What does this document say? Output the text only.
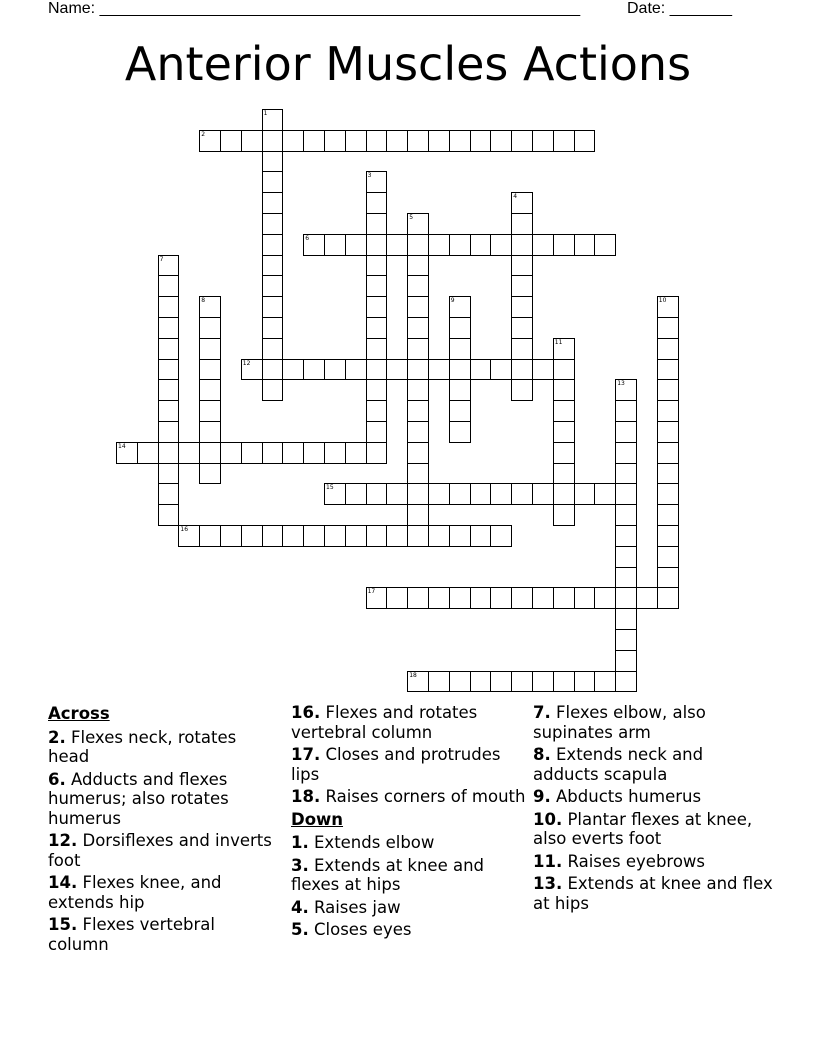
Name: ______________________________________________________	Date: _______
Anterior Muscles Actions
1
2
3
4
5
6
7
8	9	10
11
12
13
14
15
16
17
18
Across
2. Flexes neck, rotates head
6. Adducts and flexes humerus; also rotates humerus
12. Dorsiflexes and inverts foot
14. Flexes knee, and extends hip
15. Flexes vertebral column
16. Flexes and rotates vertebral column
17. Closes and protrudes lips
18. Raises corners of mouth
Down
1. Extends elbow
3. Extends at knee and flexes at hips
4. Raises jaw
5. Closes eyes
7. Flexes elbow, also supinates arm
8. Extends neck and adducts scapula
9. Abducts humerus
10. Plantar flexes at knee, also everts foot
11. Raises eyebrows
13. Extends at knee and flex at hips
